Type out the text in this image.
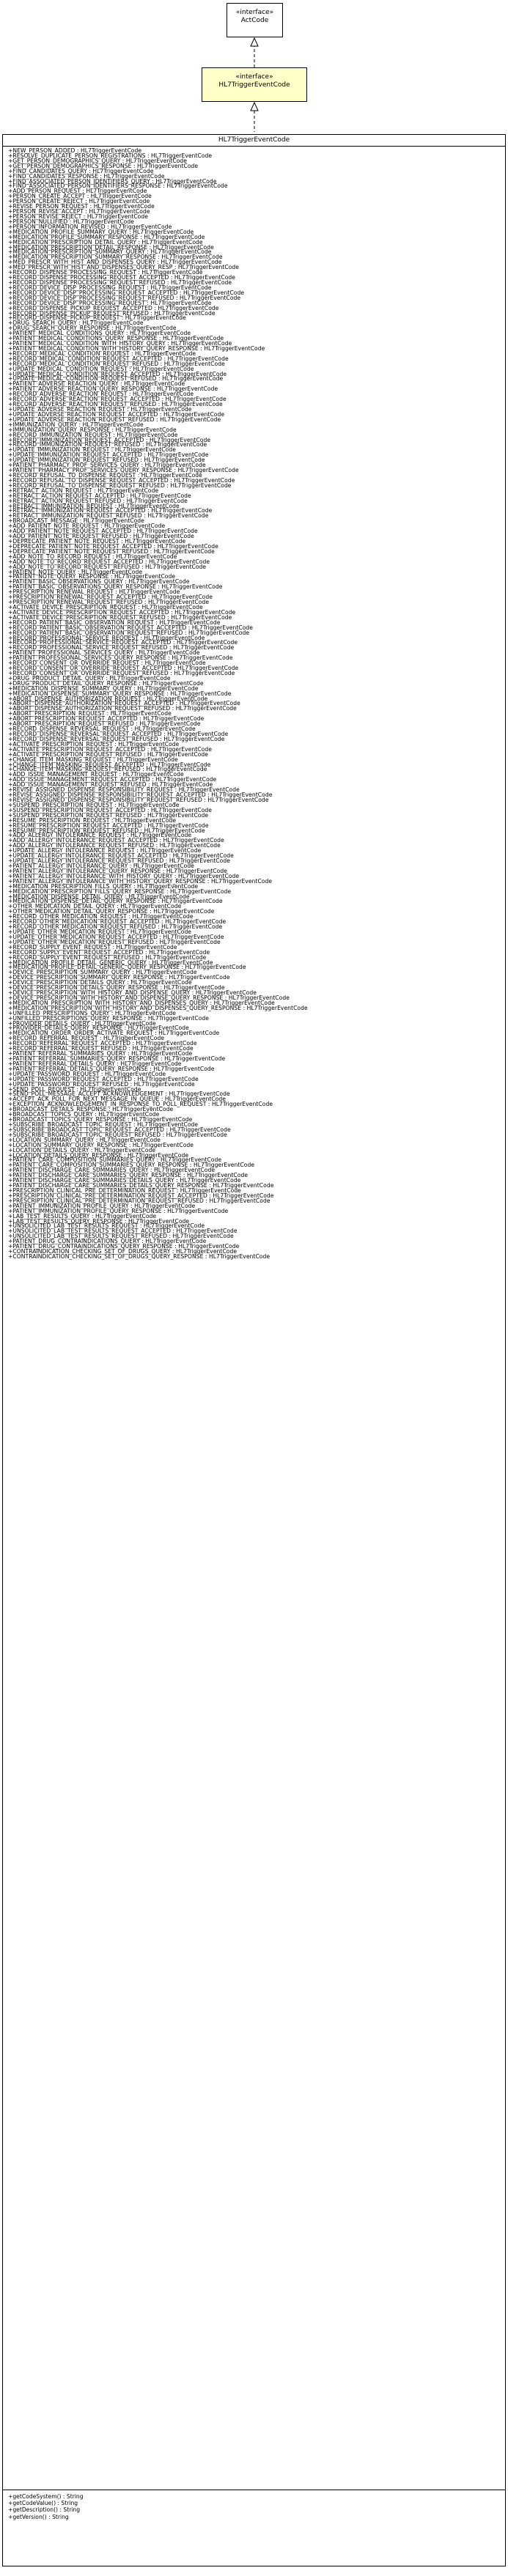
«interface»
ActCode
«interface»
HL7TriggerEventCode
HL7TriggerEventCode
+NEW_PERSON_ADDED : HL7TriggerEventCode
+RESOLVE_DUPLICATE_PERSON_REGISTRATIONS : HL7TriggerEventCode
+GET_PERSON_DEMOGRAPHICS_QUERY : HL7TriggerEventCode
+GET_PERSON_DEMOGRAPHICS_RESPONSE : HL7TriggerEventCode
+FIND_CANDIDATES_QUERY : HL7TriggerEventCode
+FIND_CANDIDATES_RESPONSE : HL7TriggerEventCode
+FIND_ASSOCIATED_PERSON_IDENTIFIERS_QUERY : HL7TriggerEventCode
+FIND_ASSOCIATED_PERSON_IDENTIFIERS_RESPONSE : HL7TriggerEventCode
+ADD_PERSON_REQUEST : HL7TriggerEventCode
+PERSON_CREATE_ACCEPT : HL7TriggerEventCode
+PERSON_CREATE_REJECT : HL7TriggerEventCode
+REVISE_PERSON_REQUEST : HL7TriggerEventCode
+PERSON_REVISE_ACCEPT : HL7TriggerEventCode
+PERSON_REVISE_REJECT : HL7TriggerEventCode
+PERSON_NULLIFIED : HL7TriggerEventCode
+PERSON_INFORMATION_REVISED : HL7TriggerEventCode
+MEDICATION_PROFILE_SUMMARY_QUERY : HL7TriggerEventCode
+MEDICATION_PROFILE_SUMMARY_RESPONSE : HL7TriggerEventCode
+MEDICATION_PRESCRIPTION_DETAIL_QUERY : HL7TriggerEventCode
+MEDICATION_PRESCRIPTION_DETAIL_RESPONSE : HL7TriggerEventCode
+MEDICATION_PRESCRIPTION_SUMMARY_QUERY : HL7TriggerEventCode
+MEDICATION_PRESCRIPTION_SUMMARY_RESPONSE : HL7TriggerEventCode
+MED_PRESCR_WITH_HIST_AND_DISPENSES_QUERY : HL7TriggerEventCode
+MED_PRESCR_WITH_HIST_AND_DISPENSES_QUERY_RESP : HL7TriggerEventCode
+RECORD_DISPENSE_PROCESSING_REQUEST : HL7TriggerEventCode
+RECORD_DISPENSE_PROCESSING_REQUEST_ACCEPTED : HL7TriggerEventCode
+RECORD_DISPENSE_PROCESSING_REQUEST_REFUSED : HL7TriggerEventCode
+RECORD_DEVICE_DISP_PROCESSING_REQUEST : HL7TriggerEventCode
+RECORD_DEVICE_DISP_PROCESSING_REQUEST_ACCEPTED : HL7TriggerEventCode
+RECORD_DEVICE_DISP_PROCESSING_REQUEST_REFUSED : HL7TriggerEventCode
+RECORD_DEVICE_DISP_PROCESSING_REQUEST : HL7TriggerEventCode
+RECORD_DISPENSE_PICKUP_REQUEST_ACCEPTED : HL7TriggerEventCode
+RECORD_DISPENSE_PICKUP_REQUEST_REFUSED : HL7TriggerEventCode
+RECORD_DISPENSE_PICKUP_REQUEST : HL7TriggerEventCode
+DRUG_SEARCH_QUERY : HL7TriggerEventCode
+DRUG_SEARCH_QUERY_RESPONSE : HL7TriggerEventCode
+PATIENT_MEDICAL_CONDITIONS_QUERY : HL7TriggerEventCode
+PATIENT_MEDICAL_CONDITIONS_QUERY_RESPONSE : HL7TriggerEventCode
+PATIENT_MEDICAL_CONDITION_WITH_HISTORY_QUERY : HL7TriggerEventCode
+PATIENT_MEDICAL_CONDITION_WITH_HISTORY_QUERY_RESPONSE : HL7TriggerEventCode
+RECORD_MEDICAL_CONDITION_REQUEST : HL7TriggerEventCode
+RECORD_MEDICAL_CONDITION_REQUEST_ACCEPTED : HL7TriggerEventCode
+RECORD_MEDICAL_CONDITION_REQUEST_REFUSED : HL7TriggerEventCode
+UPDATE_MEDICAL_CONDITION_REQUEST : HL7TriggerEventCode
+UPDATE_MEDICAL_CONDITION_REQUEST_ACCEPTED : HL7TriggerEventCode
+UPDATE_MEDICAL_CONDITION_REQUEST_REFUSED : HL7TriggerEventCode
+PATIENT_ADVERSE_REACTION_QUERY : HL7TriggerEventCode
+PATIENT_ADVERSE_REACTION_QUERY_RESPONSE : HL7TriggerEventCode
+RECORD_ADVERSE_REACTION_REQUEST : HL7TriggerEventCode
+RECORD_ADVERSE_REACTION_REQUEST_ACCEPTED : HL7TriggerEventCode
+RECORD_ADVERSE_REACTION_REQUEST_REFUSED : HL7TriggerEventCode
+UPDATE_ADVERSE_REACTION_REQUEST : HL7TriggerEventCode
+UPDATE_ADVERSE_REACTION_REQUEST_ACCEPTED : HL7TriggerEventCode
+UPDATE_ADVERSE_REACTION_REQUEST_REFUSED : HL7TriggerEventCode
+IMMUNIZATION_QUERY : HL7TriggerEventCode
+IMMUNIZATION_QUERY_RESPONSE : HL7TriggerEventCode
+RECORD_IMMUNIZATION_REQUEST : HL7TriggerEventCode
+RECORD_IMMUNIZATION_REQUEST_ACCEPTED : HL7TriggerEventCode
+RECORD_IMMUNIZATION_REQUEST_REFUSED : HL7TriggerEventCode
+UPDATE_IMMUNIZATION_REQUEST : HL7TriggerEventCode
+UPDATE_IMMUNIZATION_REQUEST_ACCEPTED : HL7TriggerEventCode
+UPDATE_IMMUNIZATION_REQUEST_REFUSED : HL7TriggerEventCode
+PATIENT_PHARMACY_PROF_SERVICES_QUERY : HL7TriggerEventCode
+PATIENT_PHARMACY_PROF_SERVICES_QUERY_RESPONSE : HL7TriggerEventCode
+RECORD_REFUSAL_TO_DISPENSE_REQUEST : HL7TriggerEventCode
+RECORD_REFUSAL_TO_DISPENSE_REQUEST_ACCEPTED : HL7TriggerEventCode
+RECORD_REFUSAL_TO_DISPENSE_REQUEST_REFUSED : HL7TriggerEventCode
+RETRACT_ACTION_REQUEST : HL7TriggerEventCode
+RETRACT_ACTION_REQUEST_ACCEPTED : HL7TriggerEventCode
+RETRACT_ACTION_REQUEST_REFUSED : HL7TriggerEventCode
+RETRACT_IMMUNIZATION_REQUEST : HL7TriggerEventCode
+RETRACT_IMMUNIZATION_REQUEST_ACCEPTED : HL7TriggerEventCode
+RETRACT_IMMUNIZATION_REQUEST_REFUSED : HL7TriggerEventCode
+BROADCAST_MESSAGE : HL7TriggerEventCode
+ADD_PATIENT_NOTE_REQUEST : HL7TriggerEventCode
+ADD_PATIENT_NOTE_REQUEST_ACCEPTED : HL7TriggerEventCode
+ADD_PATIENT_NOTE_REQUEST_REFUSED : HL7TriggerEventCode
+DEPRECATE_PATIENT_NOTE_REQUEST : HL7TriggerEventCode
+DEPRECATE_PATIENT_NOTE_REQUEST_ACCEPTED : HL7TriggerEventCode
+DEPRECATE_PATIENT_NOTE_REQUEST_REFUSED : HL7TriggerEventCode
+ADD_NOTE_TO_RECORD_REQUEST : HL7TriggerEventCode
+ADD_NOTE_TO_RECORD_REQUEST_ACCEPTED : HL7TriggerEventCode
+ADD_NOTE_TO_RECORD_REQUEST_REFUSED : HL7TriggerEventCode
+PATIENT_NOTE_QUERY : HL7TriggerEventCode
+PATIENT_NOTE_QUERY_RESPONSE : HL7TriggerEventCode
+PATIENT_BASIC_OBSERVATIONS_QUERY : HL7TriggerEventCode
+PATIENT_BASIC_OBSERVATIONS_QUERY_RESPONSE : HL7TriggerEventCode
+PRESCRIPTION_RENEWAL_REQUEST : HL7TriggerEventCode
+PRESCRIPTION_RENEWAL_REQUEST_ACCEPTED : HL7TriggerEventCode
+PRESCRIPTION_RENEWAL_REQUEST_REFUSED : HL7TriggerEventCode
+ACTIVATE_DEVICE_PRESCRIPTION_REQUEST : HL7TriggerEventCode
+ACTIVATE_DEVICE_PRESCRIPTION_REQUEST_ACCEPTED : HL7TriggerEventCode
+ACTIVATE_DEVICE_PRESCRIPTION_REQUEST_REFUSED : HL7TriggerEventCode
+RECORD_PATIENT_BASIC_OBSERVATION_REQUEST : HL7TriggerEventCode
+RECORD_PATIENT_BASIC_OBSERVATION_REQUEST_ACCEPTED : HL7TriggerEventCode
+RECORD_PATIENT_BASIC_OBSERVATION_REQUEST_REFUSED : HL7TriggerEventCode
+RECORD_PROFESSIONAL_SERVICE_REQUEST : HL7TriggerEventCode
+RECORD_PROFESSIONAL_SERVICE_REQUEST_ACCEPTED : HL7TriggerEventCode
+RECORD_PROFESSIONAL_SERVICE_REQUEST_REFUSED : HL7TriggerEventCode
+PATIENT_PROFESSIONAL_SERVICES_QUERY : HL7TriggerEventCode
+PATIENT_PROFESSIONAL_SERVICES_QUERY_RESPONSE : HL7TriggerEventCode
+RECORD_CONSENT_OR_OVERRIDE_REQUEST : HL7TriggerEventCode
+RECORD_CONSENT_OR_OVERRIDE_REQUEST_ACCEPTED : HL7TriggerEventCode
+RECORD_CONSENT_OR_OVERRIDE_REQUEST_REFUSED : HL7TriggerEventCode
+DRUG_PRODUCT_DETAIL_QUERY : HL7TriggerEventCode
+DRUG_PRODUCT_DETAIL_QUERY_RESPONSE : HL7TriggerEventCode
+MEDICATION_DISPENSE_SUMMARY_QUERY : HL7TriggerEventCode
+MEDICATION_DISPENSE_SUMMARY_QUERY_RESPONSE : HL7TriggerEventCode
+ABORT_DISPENSE_AUTHORIZATION_REQUEST : HL7TriggerEventCode
+ABORT_DISPENSE_AUTHORIZATION_REQUEST_ACCEPTED : HL7TriggerEventCode
+ABORT_DISPENSE_AUTHORIZATION_REQUEST_REFUSED : HL7TriggerEventCode
+ABORT_PRESCRIPTION_REQUEST : HL7TriggerEventCode
+ABORT_PRESCRIPTION_REQUEST_ACCEPTED : HL7TriggerEventCode
+ABORT_PRESCRIPTION_REQUEST_REFUSED : HL7TriggerEventCode
+RECORD_DISPENSE_REVERSAL_REQUEST : HL7TriggerEventCode
+RECORD_DISPENSE_REVERSAL_REQUEST_ACCEPTED : HL7TriggerEventCode
+RECORD_DISPENSE_REVERSAL_REQUEST_REFUSED : HL7TriggerEventCode
+ACTIVATE_PRESCRIPTION_REQUEST : HL7TriggerEventCode
+ACTIVATE_PRESCRIPTION_REQUEST_ACCEPTED : HL7TriggerEventCode
+ACTIVATE_PRESCRIPTION_REQUEST_REFUSED : HL7TriggerEventCode
+CHANGE_ITEM_MASKING_REQUEST : HL7TriggerEventCode
+CHANGE_ITEM_MASKING_REQUEST_ACCEPTED : HL7TriggerEventCode
+CHANGE_ITEM_MASKING_REQUEST_REFUSED : HL7TriggerEventCode
+ADD_ISSUE_MANAGEMENT_REQUEST : HL7TriggerEventCode
+ADD_ISSUE_MANAGEMENT_REQUEST_ACCEPTED : HL7TriggerEventCode
+ADD_ISSUE_MANAGEMENT_REQUEST_REFUSED : HL7TriggerEventCode
+REVISE_ASSIGNED_DISPENSE_RESPONSIBILITY_REQUEST : HL7TriggerEventCode
+REVISE_ASSIGNED_DISPENSE_RESPONSIBILITY_REQUEST_ACCEPTED : HL7TriggerEventCode
+REVISE_ASSIGNED_DISPENSE_RESPONSIBILITY_REQUEST_REFUSED : HL7TriggerEventCode
+SUSPEND_PRESCRIPTION_REQUEST : HL7TriggerEventCode
+SUSPEND_PRESCRIPTION_REQUEST_ACCEPTED : HL7TriggerEventCode
+SUSPEND_PRESCRIPTION_REQUEST_REFUSED : HL7TriggerEventCode
+RESUME_PRESCRIPTION_REQUEST : HL7TriggerEventCode
+RESUME_PRESCRIPTION_REQUEST_ACCEPTED : HL7TriggerEventCode
+RESUME_PRESCRIPTION_REQUEST_REFUSED : HL7TriggerEventCode
+ADD_ALLERGY_INTOLERANCE_REQUEST : HL7TriggerEventCode
+ADD_ALLERGY_INTOLERANCE_REQUEST_ACCEPTED : HL7TriggerEventCode
+ADD_ALLERGY_INTOLERANCE_REQUEST_REFUSED : HL7TriggerEventCode
+UPDATE_ALLERGY_INTOLERANCE_REQUEST : HL7TriggerEventCode
+UPDATE_ALLERGY_INTOLERANCE_REQUEST_ACCEPTED : HL7TriggerEventCode
+UPDATE_ALLERGY_INTOLERANCE_REQUEST_REFUSED : HL7TriggerEventCode
+PATIENT_ALLERGY_INTOLERANCE_QUERY : HL7TriggerEventCode
+PATIENT_ALLERGY_INTOLERANCE_QUERY_RESPONSE : HL7TriggerEventCode
+PATIENT_ALLERGY_INTOLERANCE_WITH_HISTORY_QUERY : HL7TriggerEventCode
+PATIENT_ALLERGY_INTOLERANCE_WITH_HISTORY_QUERY_RESPONSE : HL7TriggerEventCode
+MEDICATION_PRESCRIPTION_FILLS_QUERY : HL7TriggerEventCode
+MEDICATION_PRESCRIPTION_FILLS_QUERY_RESPONSE : HL7TriggerEventCode
+MEDICATION_DISPENSE_DETAIL_QUERY : HL7TriggerEventCode
+MEDICATION_DISPENSE_DETAIL_QUERY_RESPONSE : HL7TriggerEventCode
+OTHER_MEDICATION_DETAIL_QUERY : HL7TriggerEventCode
+OTHER_MEDICATION_DETAIL_QUERY_RESPONSE : HL7TriggerEventCode
+RECORD_OTHER_MEDICATION_REQUEST : HL7TriggerEventCode
+RECORD_OTHER_MEDICATION_REQUEST_ACCEPTED : HL7TriggerEventCode
+RECORD_OTHER_MEDICATION_REQUEST_REFUSED : HL7TriggerEventCode
+UPDATE_OTHER_MEDICATION_REQUEST : HL7TriggerEventCode
+UPDATE_OTHER_MEDICATION_REQUEST_ACCEPTED : HL7TriggerEventCode
+UPDATE_OTHER_MEDICATION_REQUEST_REFUSED : HL7TriggerEventCode
+RECORD_SUPPLY_EVENT_REQUEST : HL7TriggerEventCode
+RECORD_SUPPLY_EVENT_REQUEST_ACCEPTED : HL7TriggerEventCode
+RECORD_SUPPLY_EVENT_REQUEST_REFUSED : HL7TriggerEventCode
+MEDICATION_PROFILE_DETAIL_GENERIC_QUERY : HL7TriggerEventCode
+MEDICATION_PROFILE_DETAIL_GENERIC_QUERY_RESPONSE : HL7TriggerEventCode
+DEVICE_PRESCRIPTION_SUMMARY_QUERY : HL7TriggerEventCode
+DEVICE_PRESCRIPTION_SUMMARY_QUERY_RESPONSE : HL7TriggerEventCode
+DEVICE_PRESCRIPTION_DETAILS_QUERY : HL7TriggerEventCode
+DEVICE_PRESCRIPTION_DETAILS_QUERY_RESPONSE : HL7TriggerEventCode
+DEVICE_PRESCRIPTION_WITH_HISTORY_AND_DISPENSE_QUERY : HL7TriggerEventCode
+DEVICE_PRESCRIPTION_WITH_HISTORY_AND_DISPENSE_QUERY_RESPONSE : HL7TriggerEventCode
+MEDICATION_PRESCRIPTION_WITH_HISTORY_AND_DISPENSES_QUERY : HL7TriggerEventCode
+MEDICATION_PRESCRIPTION_WITH_HISTORY_AND_DISPENSES_QUERY_RESPONSE : HL7TriggerEventCode
+UNFILLED_PRESCRIPTIONS_QUERY : HL7TriggerEventCode
+UNFILLED_PRESCRIPTIONS_QUERY_RESPONSE : HL7TriggerEventCode
+PROVIDER_DETAILS_QUERY : HL7TriggerEventCode
+PROVIDER_DETAILS_QUERY_RESPONSE : HL7TriggerEventCode
+MEDICATION_ORDER_ORDER_ACTIVATE_REQUEST : HL7TriggerEventCode
+RECORD_REFERRAL_REQUEST : HL7TriggerEventCode
+RECORD_REFERRAL_REQUEST_ACCEPTED : HL7TriggerEventCode
+RECORD_REFERRAL_REQUEST_REFUSED : HL7TriggerEventCode
+PATIENT_REFERRAL_SUMMARIES_QUERY : HL7TriggerEventCode
+PATIENT_REFERRAL_SUMMARIES_QUERY_RESPONSE : HL7TriggerEventCode
+PATIENT_REFERRAL_DETAILS_QUERY : HL7TriggerEventCode
+PATIENT_REFERRAL_DETAILS_QUERY_RESPONSE : HL7TriggerEventCode
+UPDATE_PASSWORD_REQUEST : HL7TriggerEventCode
+UPDATE_PASSWORD_REQUEST_ACCEPTED : HL7TriggerEventCode
+UPDATE_PASSWORD_REQUEST_REFUSED : HL7TriggerEventCode
+SEND_POLL_REQUEST : HL7TriggerEventCode
+SEND_POLL_MESSAGE_ACCEPT_ACKNOWLEDGEMENT : HL7TriggerEventCode
+ACCEPT_ACK_POLL_FOR_NEXT_MESSAGE_IN_QUEUE : HL7TriggerEventCode
+EXCEPTION_ACKNOWLEDGEMENT_IN_RESPONSE_TO_POLL_REQUEST : HL7TriggerEventCode
+BROADCAST_DETAILS_RESPONSE : HL7TriggerEventCode
+BROADCAST_TOPICS_QUERY : HL7TriggerEventCode
+BROADCAST_TOPICS_QUERY_RESPONSE : HL7TriggerEventCode
+SUBSCRIBE_BROADCAST_TOPIC_REQUEST : HL7TriggerEventCode
+SUBSCRIBE_BROADCAST_TOPIC_REQUEST_ACCEPTED : HL7TriggerEventCode
+SUBSCRIBE_BROADCAST_TOPIC_REQUEST_REFUSED : HL7TriggerEventCode
+LOCATION_SUMMARY_QUERY : HL7TriggerEventCode
+LOCATION_SUMMARY_QUERY_RESPONSE : HL7TriggerEventCode
+LOCATION_DETAILS_QUERY : HL7TriggerEventCode
+LOCATION_DETAILS_QUERY_RESPONSE : HL7TriggerEventCode
+PATIENT_CARE_COMPOSITION_SUMMARIES_QUERY : HL7TriggerEventCode
+PATIENT_CARE_COMPOSITION_SUMMARIES_QUERY_RESPONSE : HL7TriggerEventCode
+PATIENT_DISCHARGE_CARE_SUMMARIES_QUERY : HL7TriggerEventCode
+PATIENT_DISCHARGE_CARE_SUMMARIES_QUERY_RESPONSE : HL7TriggerEventCode
+PATIENT_DISCHARGE_CARE_SUMMARIES_DETAILS_QUERY : HL7TriggerEventCode
+PATIENT_DISCHARGE_CARE_SUMMARIES_DETAILS_QUERY_RESPONSE : HL7TriggerEventCode
+PRESCRIPTION_CLINICAL_PRE_DETERMINATION_REQUEST : HL7TriggerEventCode
+PRESCRIPTION_CLINICAL_PRE_DETERMINATION_REQUEST_ACCEPTED : HL7TriggerEventCode
+PRESCRIPTION_CLINICAL_PRE_DETERMINATION_REQUEST_REFUSED : HL7TriggerEventCode
+PATIENT_IMMUNIZATION_PROFILE_QUERY : HL7TriggerEventCode
+PATIENT_IMMUNIZATION_PROFILE_QUERY_RESPONSE : HL7TriggerEventCode
+LAB_TEST_RESULTS_QUERY : HL7TriggerEventCode
+LAB_TEST_RESULTS_QUERY_RESPONSE : HL7TriggerEventCode
+UNSOLICITED_LAB_TEST_RESULTS_REQUEST : HL7TriggerEventCode
+UNSOLICITED_LAB_TEST_RESULTS_REQUEST_ACCEPTED : HL7TriggerEventCode
+UNSOLICITED_LAB_TEST_RESULTS_REQUEST_REFUSED : HL7TriggerEventCode
+PATIENT_DRUG_CONTRAINDICATIONS_QUERY : HL7TriggerEventCode
+PATIENT_DRUG_CONTRAINDICATIONS_QUERY_RESPONSE : HL7TriggerEventCode
+CONTRAINDICATION_CHECKING_SET_OF_DRUGS_QUERY : HL7TriggerEventCode
+CONTRAINDICATION_CHECKING_SET_OF_DRUGS_QUERY_RESPONSE : HL7TriggerEventCode
+getCodeSystem() : String
+getCodeValue() : String
+getDescription() : String
+getVersion() : String
